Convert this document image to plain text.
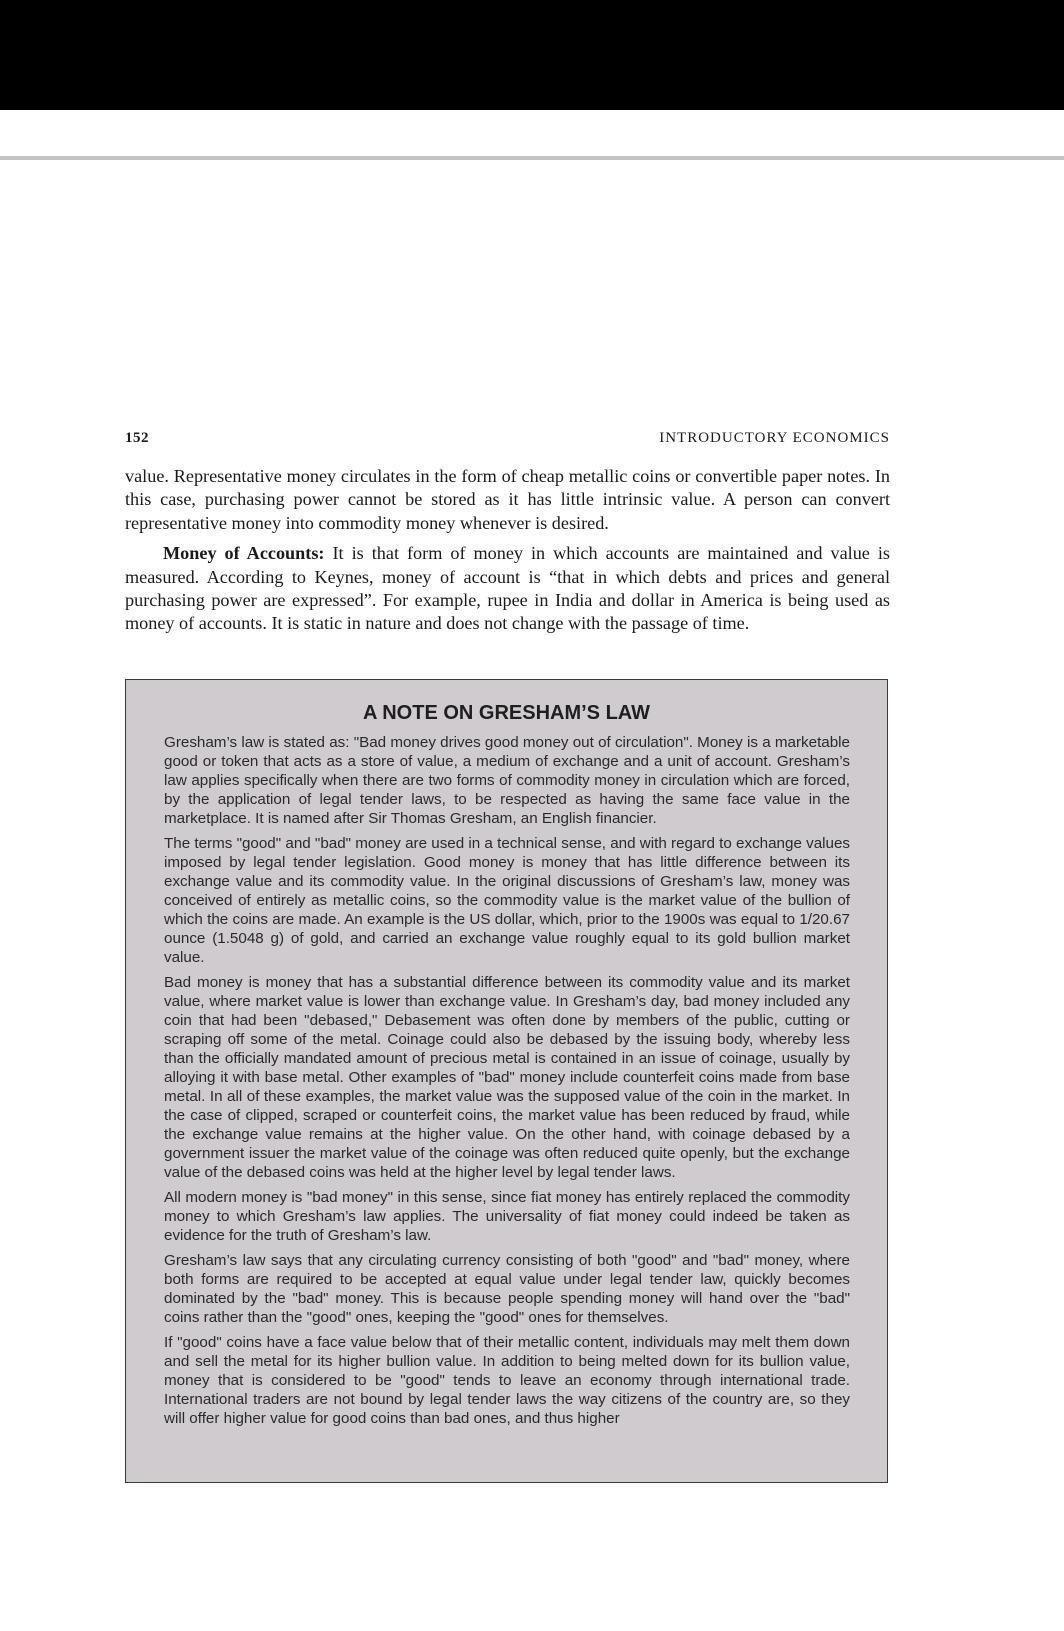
152	INTRODUCTORY ECONOMICS

value. Representative money circulates in the form of cheap metallic coins or convertible paper notes. In this case, purchasing power cannot be stored as it has little intrinsic value. A person can convert representative money into commodity money whenever is desired.

Money of Accounts: It is that form of money in which accounts are maintained and value is measured. According to Keynes, money of account is “that in which debts and prices and general purchasing power are expressed”. For example, rupee in India and dollar in America is being used as money of accounts. It is static in nature and does not change with the passage of time.

A NOTE ON GRESHAM’S LAW

Gresham’s law is stated as: "Bad money drives good money out of circulation". Money is a marketable good or token that acts as a store of value, a medium of exchange and a unit of account. Gresham’s law applies specifically when there are two forms of commodity money in circulation which are forced, by the application of legal tender laws, to be respected as having the same face value in the marketplace. It is named after Sir Thomas Gresham, an English financier.

The terms "good" and "bad" money are used in a technical sense, and with regard to exchange values imposed by legal tender legislation. Good money is money that has little difference between its exchange value and its commodity value. In the original discussions of Gresham’s law, money was conceived of entirely as metallic coins, so the commodity value is the market value of the bullion of which the coins are made. An example is the US dollar, which, prior to the 1900s was equal to 1/20.67 ounce (1.5048 g) of gold, and carried an exchange value roughly equal to its gold bullion market value.

Bad money is money that has a substantial difference between its commodity value and its market value, where market value is lower than exchange value. In Gresham’s day, bad money included any coin that had been "debased," Debasement was often done by members of the public, cutting or scraping off some of the metal. Coinage could also be debased by the issuing body, whereby less than the officially mandated amount of precious metal is contained in an issue of coinage, usually by alloying it with base metal. Other examples of "bad" money include counterfeit coins made from base metal. In all of these examples, the market value was the supposed value of the coin in the market. In the case of clipped, scraped or counterfeit coins, the market value has been reduced by fraud, while the exchange value remains at the higher value. On the other hand, with coinage debased by a government issuer the market value of the coinage was often reduced quite openly, but the exchange value of the debased coins was held at the higher level by legal tender laws.

All modern money is "bad money" in this sense, since fiat money has entirely replaced the commodity money to which Gresham’s law applies. The universality of fiat money could indeed be taken as evidence for the truth of Gresham’s law.

Gresham’s law says that any circulating currency consisting of both "good" and "bad" money, where both forms are required to be accepted at equal value under legal tender law, quickly becomes dominated by the "bad" money. This is because people spending money will hand over the "bad" coins rather than the "good" ones, keeping the "good" ones for themselves.

If "good" coins have a face value below that of their metallic content, individuals may melt them down and sell the metal for its higher bullion value. In addition to being melted down for its bullion value, money that is considered to be "good" tends to leave an economy through international trade. International traders are not bound by legal tender laws the way citizens of the country are, so they will offer higher value for good coins than bad ones, and thus higher
